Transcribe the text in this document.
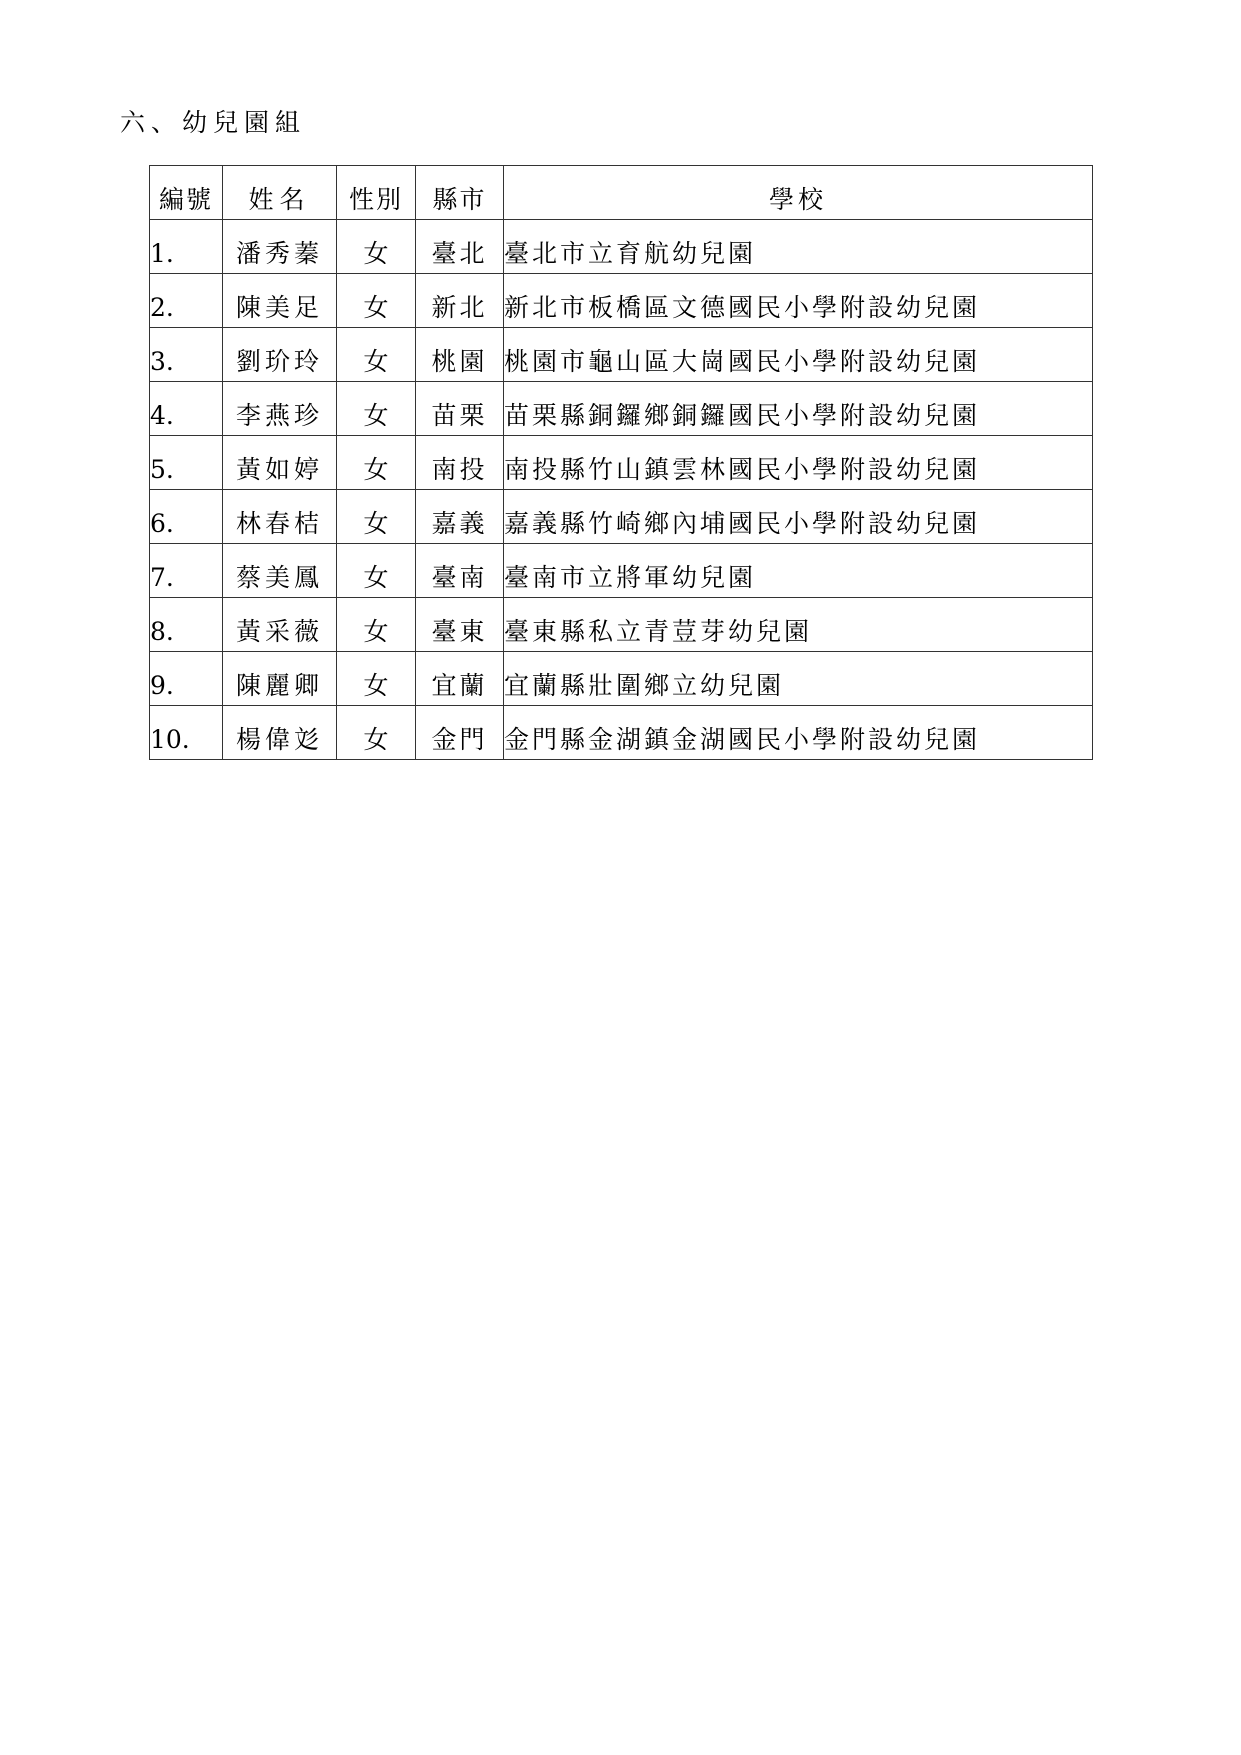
六、幼兒園組
編號	姓名	性別	縣市	學校
1.	潘秀蓁	女	臺北	臺北市立育航幼兒園
2.	陳美足	女	新北	新北市板橋區文德國民小學附設幼兒園
3.	劉玠玲	女	桃園	桃園市龜山區大崗國民小學附設幼兒園
4.	李燕珍	女	苗栗	苗栗縣銅鑼鄉銅鑼國民小學附設幼兒園
5.	黃如婷	女	南投	南投縣竹山鎮雲林國民小學附設幼兒園
6.	林春桔	女	嘉義	嘉義縣竹崎鄉內埔國民小學附設幼兒園
7.	蔡美鳳	女	臺南	臺南市立將軍幼兒園
8.	黃采薇	女	臺東	臺東縣私立青荳芽幼兒園
9.	陳麗卿	女	宜蘭	宜蘭縣壯圍鄉立幼兒園
10.	楊偉彣	女	金門	金門縣金湖鎮金湖國民小學附設幼兒園
